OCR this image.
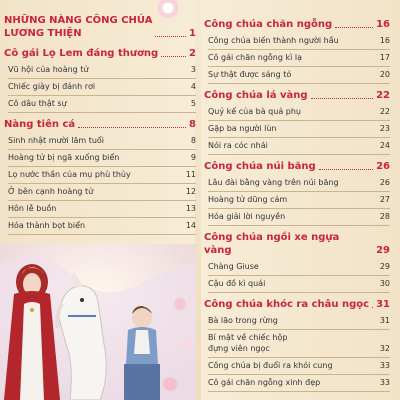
NHỮNG NÀNG CÔNG CHÚA
LƯƠNG THIỆN	1
Cô gái Lọ Lem đáng thương	2
Vũ hội của hoàng tử	3
Chiếc giày bị đánh rơi	4
Cô dâu thật sự	5
Nàng tiên cá	8
Sinh nhật mười lăm tuổi	8
Hoàng tử bị ngã xuống biển	9
Lọ nước thần của mụ phù thủy	11
Ở bên cạnh hoàng tử	12
Hôn lễ buồn	13
Hóa thành bọt biển	14
Công chúa chăn ngỗng	16
Công chúa biến thành người hầu	16
Cô gái chăn ngỗng kì lạ	17
Sự thật được sáng tỏ	20
Công chúa lá vàng	22
Quỷ kế của bà quả phụ	22
Gặp ba người lùn	23
Nói ra cóc nhái	24
Công chúa núi băng	26
Lâu đài bằng vàng trên núi băng	26
Hoàng tử dũng cảm	27
Hóa giải lời nguyền	28
Công chúa ngồi xe ngựa vàng	29
Chàng Giuse	29
Cậu đồ kì quái	30
Công chúa khóc ra châu ngọc 31
Bà lão trong rừng	31
Bí mật về chiếc hộp
đựng viên ngọc	32
Công chúa bị đuổi ra khỏi cung	33
Cô gái chăn ngỗng xinh đẹp	33
